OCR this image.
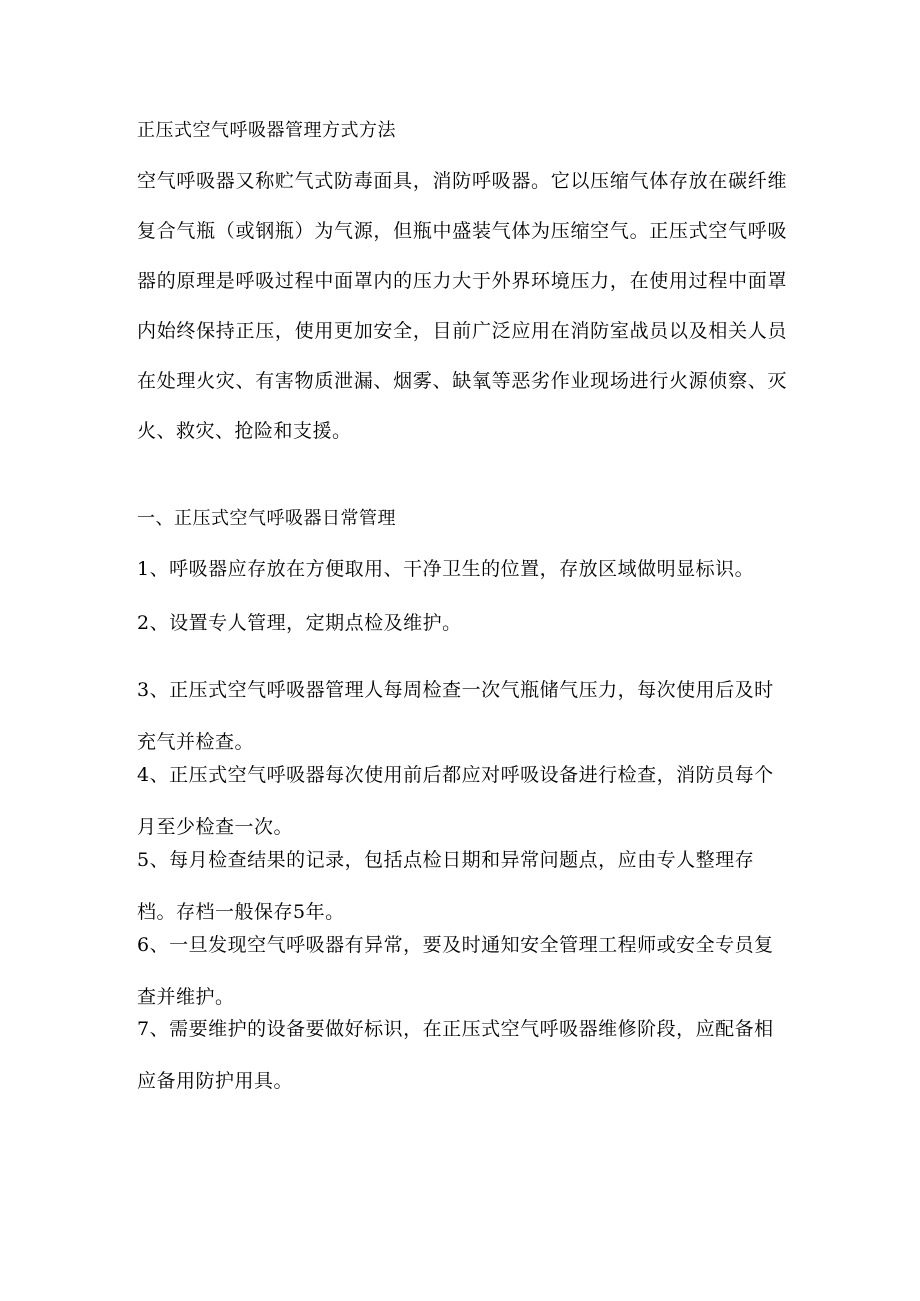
正压式空气呼吸器管理方式方法

空气呼吸器又称贮气式防毒面具，消防呼吸器。它以压缩气体存放在碳纤维复合气瓶（或钢瓶）为气源，但瓶中盛装气体为压缩空气。正压式空气呼吸器的原理是呼吸过程中面罩内的压力大于外界环境压力，在使用过程中面罩内始终保持正压，使用更加安全，目前广泛应用在消防室战员以及相关人员在处理火灾、有害物质泄漏、烟雾、缺氧等恶劣作业现场进行火源侦察、灭火、救灾、抢险和支援。

一、正压式空气呼吸器日常管理

1、呼吸器应存放在方便取用、干净卫生的位置，存放区域做明显标识。

2、设置专人管理，定期点检及维护。

3、正压式空气呼吸器管理人每周检查一次气瓶储气压力，每次使用后及时充气并检查。

4、正压式空气呼吸器每次使用前后都应对呼吸设备进行检查，消防员每个月至少检查一次。

5、每月检查结果的记录，包括点检日期和异常问题点，应由专人整理存档。存档一般保存5年。

6、一旦发现空气呼吸器有异常，要及时通知安全管理工程师或安全专员复查并维护。

7、需要维护的设备要做好标识，在正压式空气呼吸器维修阶段，应配备相应备用防护用具。
